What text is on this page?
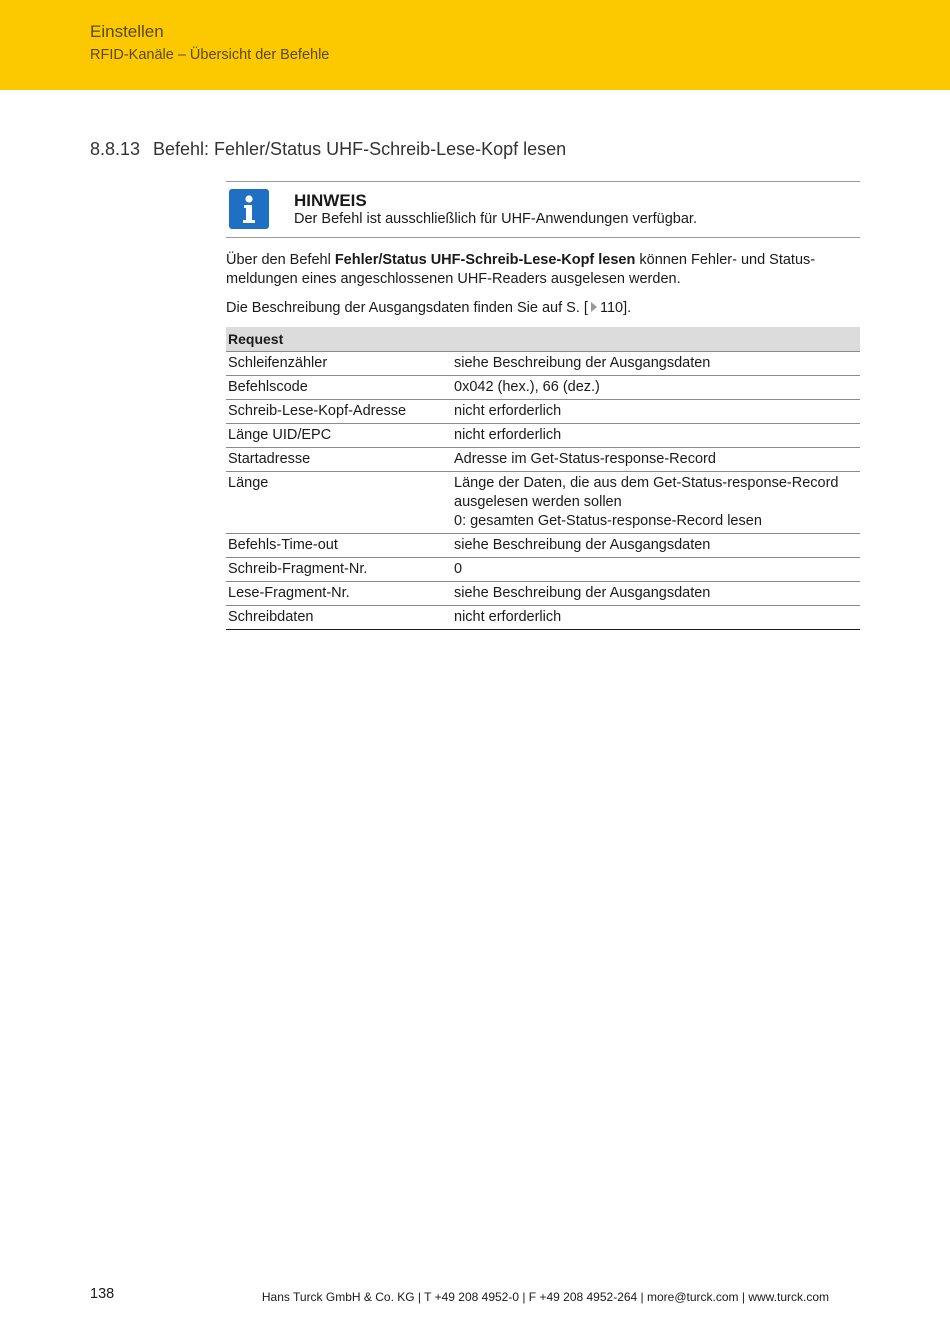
Einstellen
RFID-Kanäle – Übersicht der Befehle
8.8.13 Befehl: Fehler/Status UHF-Schreib-Lese-Kopf lesen
HINWEIS
Der Befehl ist ausschließlich für UHF-Anwendungen verfügbar.
Über den Befehl Fehler/Status UHF-Schreib-Lese-Kopf lesen können Fehler- und Status-meldungen eines angeschlossenen UHF-Readers ausgelesen werden.
Die Beschreibung der Ausgangsdaten finden Sie auf S. [ 110].
Request	
Schleifenzähler	siehe Beschreibung der Ausgangsdaten
Befehlscode	0x042 (hex.), 66 (dez.)
Schreib-Lese-Kopf-Adresse	nicht erforderlich
Länge UID/EPC	nicht erforderlich
Startadresse	Adresse im Get-Status-response-Record
Länge	Länge der Daten, die aus dem Get-Status-response-Record ausgelesen werden sollen
0: gesamten Get-Status-response-Record lesen

Befehls-Time-out	siehe Beschreibung der Ausgangsdaten
Schreib-Fragment-Nr.	0
Lese-Fragment-Nr.	siehe Beschreibung der Ausgangsdaten
Schreibdaten	nicht erforderlich
138	Hans Turck GmbH & Co. KG | T +49 208 4952-0 | F +49 208 4952-264 | more@turck.com | www.turck.com
